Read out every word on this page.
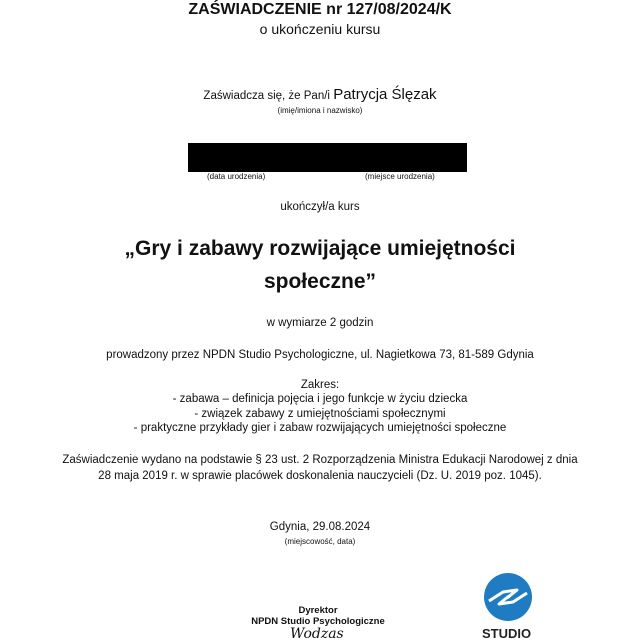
ZAŚWIADCZENIE nr 127/08/2024/K
o ukończeniu kursu
Zaświadcza się, że Pan/i Patrycja Ślęzak
(imię/imiona i nazwisko)
(data urodzenia)	(miejsce urodzenia)
ukończył/a kurs
„Gry i zabawy rozwijające umiejętności
społeczne”
w wymiarze 2 godzin
prowadzony przez NPDN Studio Psychologiczne, ul. Nagietkowa 73, 81-589 Gdynia
Zakres:
- zabawa – definicja pojęcia i jego funkcje w życiu dziecka
- związek zabawy z umiejętnościami społecznymi
- praktyczne przykłady gier i zabaw rozwijających umiejętności społeczne
Zaświadczenie wydano na podstawie § 23 ust. 2 Rozporządzenia Ministra Edukacji Narodowej z dnia
28 maja 2019 r. w sprawie placówek doskonalenia nauczycieli (Dz. U. 2019 poz. 1045).
Gdynia, 29.08.2024
(miejscowość, data)
Dyrektor
NPDN Studio Psychologiczne
Wodzas	STUDIO
